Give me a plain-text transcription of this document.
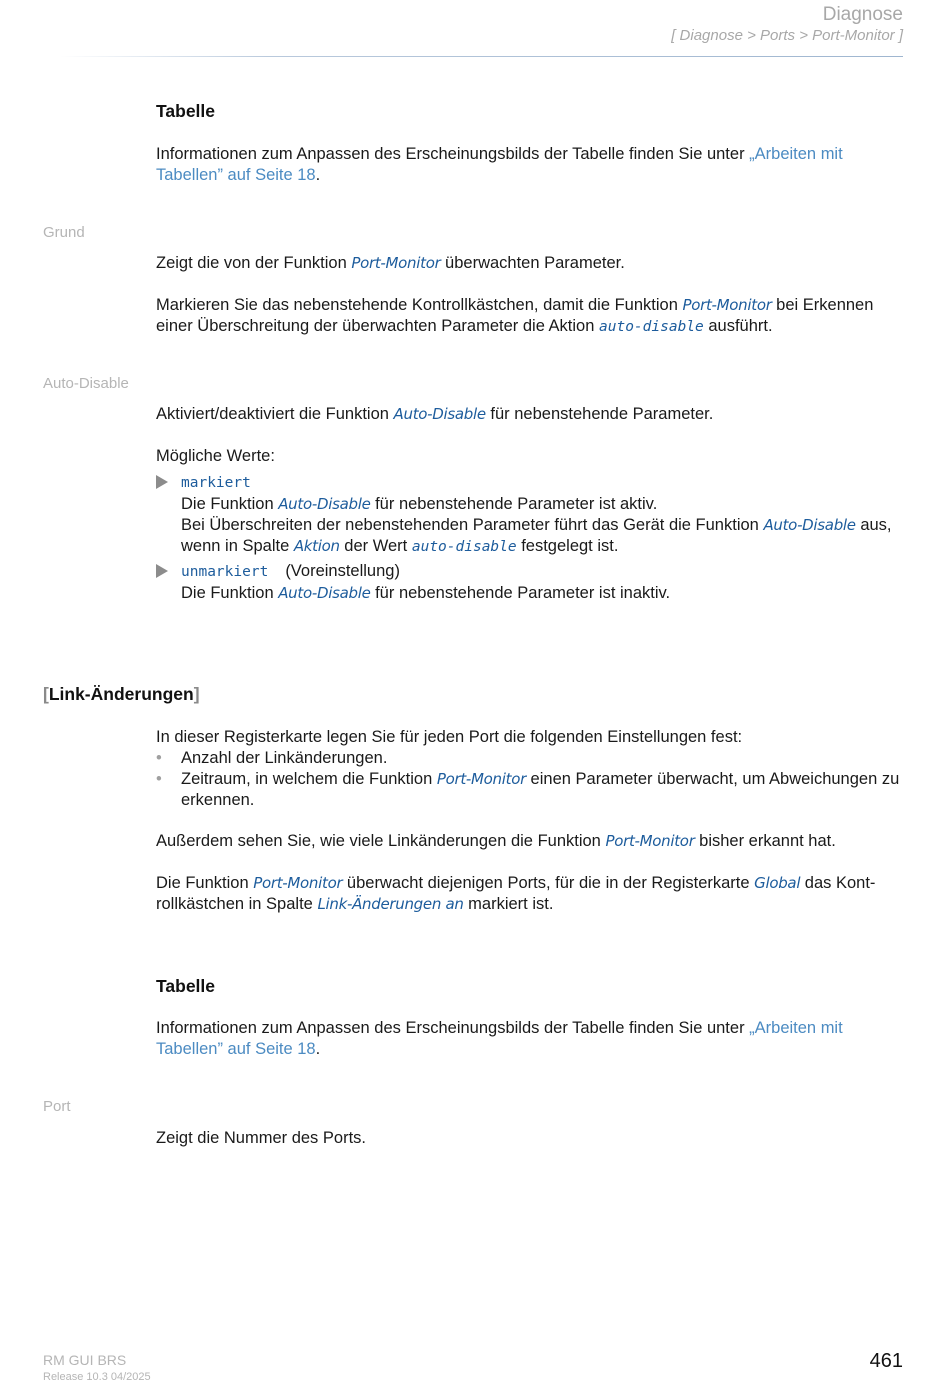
Diagnose
[ Diagnose > Ports > Port-Monitor ]
Tabelle

Informationen zum Anpassen des Erscheinungsbilds der Tabelle finden Sie unter „Arbeiten mit Tabellen” auf Seite 18.

Grund

Zeigt die von der Funktion Port-Monitor überwachten Parameter.

Markieren Sie das nebenstehende Kontrollkästchen, damit die Funktion Port-Monitor bei Erkennen einer Überschreitung der überwachten Parameter die Aktion auto-disable ausführt.

Auto-Disable

Aktiviert/deaktiviert die Funktion Auto-Disable für nebenstehende Parameter.

Mögliche Werte:

markiert
Die Funktion Auto-Disable für nebenstehende Parameter ist aktiv.
Bei Überschreiten der nebenstehenden Parameter führt das Gerät die Funktion Auto-Disable aus, wenn in Spalte Aktion der Wert auto-disable festgelegt ist.
unmarkiert (Voreinstellung)
Die Funktion Auto-Disable für nebenstehende Parameter ist inaktiv.
[Link-Änderungen]
In dieser Registerkarte legen Sie für jeden Port die folgenden Einstellungen fest:
• Anzahl der Linkänderungen.
• Zeitraum, in welchem die Funktion Port-Monitor einen Parameter überwacht, um Abweichungen zu erkennen.

Außerdem sehen Sie, wie viele Linkänderungen die Funktion Port-Monitor bisher erkannt hat.

Die Funktion Port-Monitor überwacht diejenigen Ports, für die in der Registerkarte Global das Kontrollkästchen in Spalte Link-Änderungen an markiert ist.

Tabelle

Informationen zum Anpassen des Erscheinungsbilds der Tabelle finden Sie unter „Arbeiten mit Tabellen” auf Seite 18.

Port

Zeigt die Nummer des Ports.

RM GUI BRS
Release 10.3 04/2025
461
